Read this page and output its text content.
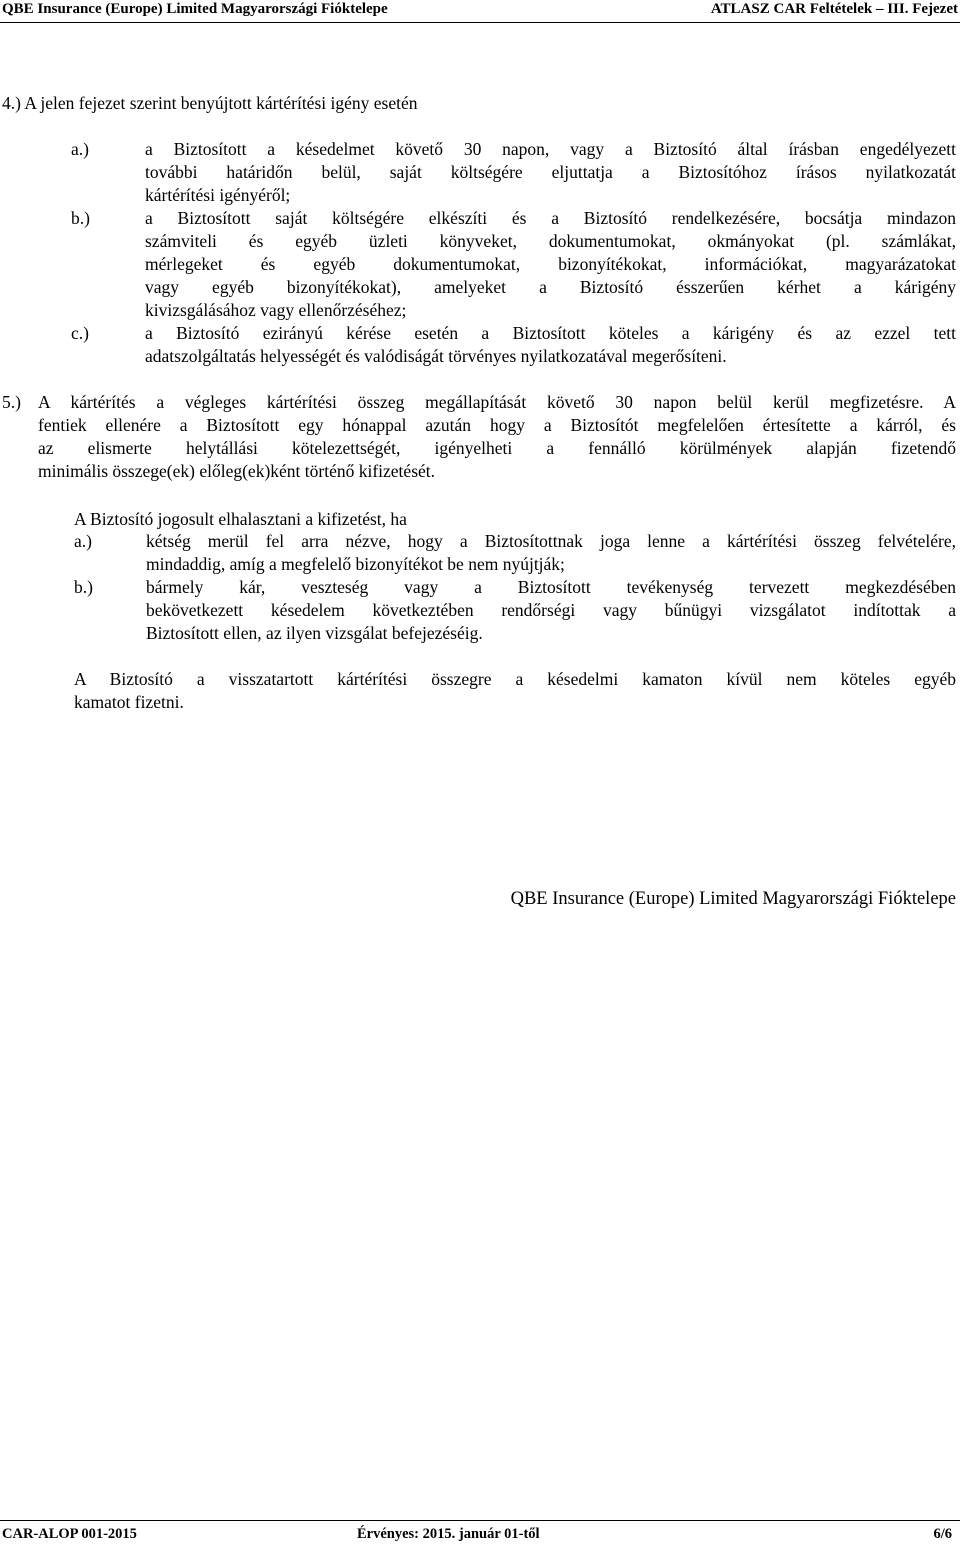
QBE Insurance (Europe) Limited Magyarországi Fióktelepe	ATLASZ CAR Feltételek – III. Fejezet
4.) A jelen fejezet szerint benyújtott kártérítési igény esetén
a.)	a Biztosított a késedelmet követő 30 napon, vagy a Biztosító által írásban engedélyezett
további határidőn belül, saját költségére eljuttatja a Biztosítóhoz írásos nyilatkozatát
kártérítési igényéről;
b.)	a Biztosított saját költségére elkészíti és a Biztosító rendelkezésére, bocsátja mindazon
számviteli és egyéb üzleti könyveket, dokumentumokat, okmányokat (pl. számlákat,
mérlegeket és egyéb dokumentumokat, bizonyítékokat, információkat, magyarázatokat
vagy egyéb bizonyítékokat), amelyeket a Biztosító ésszerűen kérhet a kárigény
kivizsgálásához vagy ellenőrzéséhez;
c.)	a Biztosító ezirányú kérése esetén a Biztosított köteles a kárigény és az ezzel tett
adatszolgáltatás helyességét és valódiságát törvényes nyilatkozatával megerősíteni.
5.) A kártérítés a végleges kártérítési összeg megállapítását követő 30 napon belül kerül megfizetésre. A
fentiek ellenére a Biztosított egy hónappal azután hogy a Biztosítót megfelelően értesítette a kárról, és
az elismerte helytállási kötelezettségét, igényelheti a fennálló körülmények alapján fizetendő
minimális összege(ek) előleg(ek)ként történő kifizetését.
A Biztosító jogosult elhalasztani a kifizetést, ha
a.)	kétség merül fel arra nézve, hogy a Biztosítottnak joga lenne a kártérítési összeg felvételére,
mindaddig, amíg a megfelelő bizonyítékot be nem nyújtják;
b.)	bármely kár, veszteség vagy a Biztosított tevékenység tervezett megkezdésében
bekövetkezett késedelem következtében rendőrségi vagy bűnügyi vizsgálatot indítottak a
Biztosított ellen, az ilyen vizsgálat befejezéséig.
A Biztosító a visszatartott kártérítési összegre a késedelmi kamaton kívül nem köteles egyéb
kamatot fizetni.
QBE Insurance (Europe) Limited Magyarországi Fióktelepe
CAR-ALOP 001-2015	Érvényes: 2015. január 01-től	6/6
